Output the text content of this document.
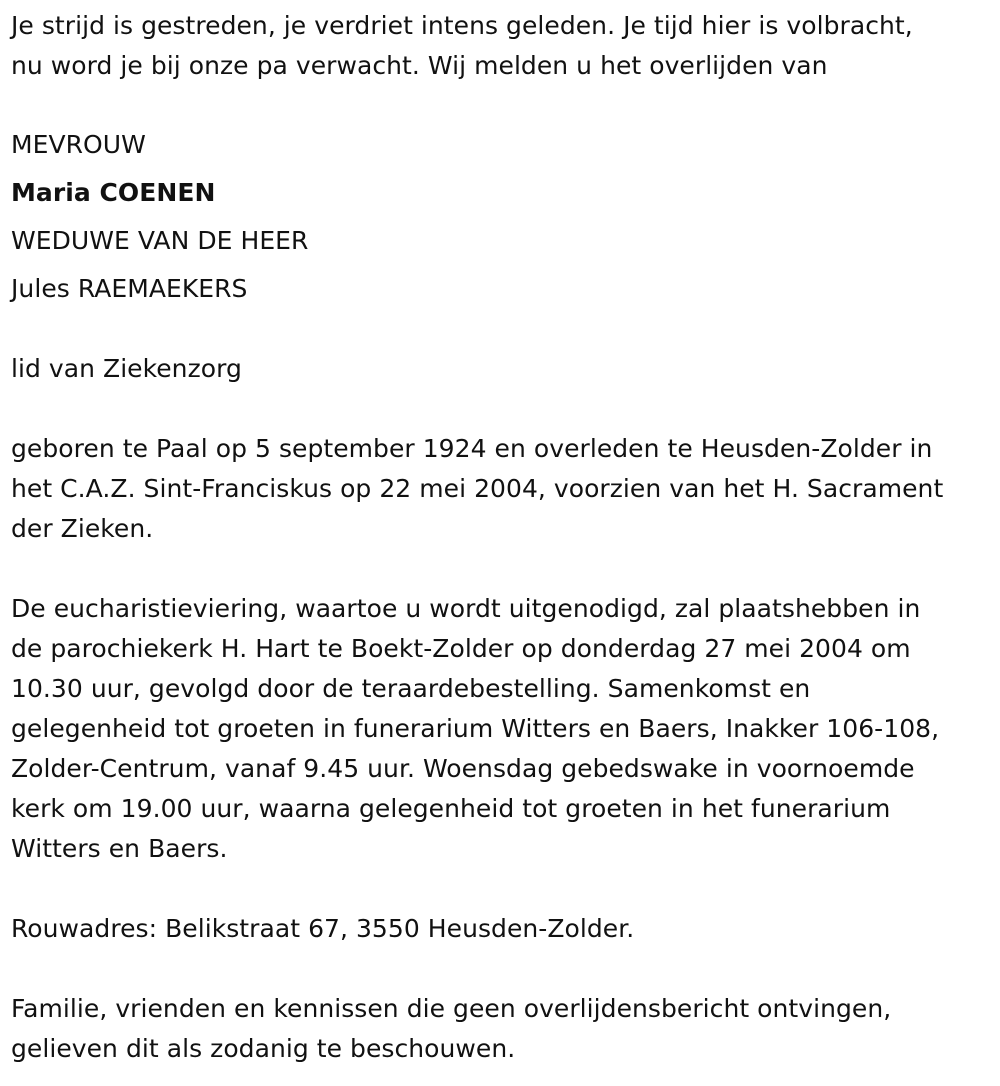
Je strijd is gestreden, je verdriet intens geleden. Je tijd hier is volbracht,
nu word je bij onze pa verwacht. Wij melden u het overlijden van
MEVROUW
Maria COENEN
WEDUWE VAN DE HEER
Jules RAEMAEKERS
lid van Ziekenzorg
geboren te Paal op 5 september 1924 en overleden te Heusden-Zolder in
het C.A.Z. Sint-Franciskus op 22 mei 2004, voorzien van het H. Sacrament
der Zieken.
De eucharistieviering, waartoe u wordt uitgenodigd, zal plaatshebben in
de parochiekerk H. Hart te Boekt-Zolder op donderdag 27 mei 2004 om
10.30 uur, gevolgd door de teraardebestelling. Samenkomst en
gelegenheid tot groeten in funerarium Witters en Baers, Inakker 106-108,
Zolder-Centrum, vanaf 9.45 uur. Woensdag gebedswake in voornoemde
kerk om 19.00 uur, waarna gelegenheid tot groeten in het funerarium
Witters en Baers.
Rouwadres: Belikstraat 67, 3550 Heusden-Zolder.
Familie, vrienden en kennissen die geen overlijdensbericht ontvingen,
gelieven dit als zodanig te beschouwen.
